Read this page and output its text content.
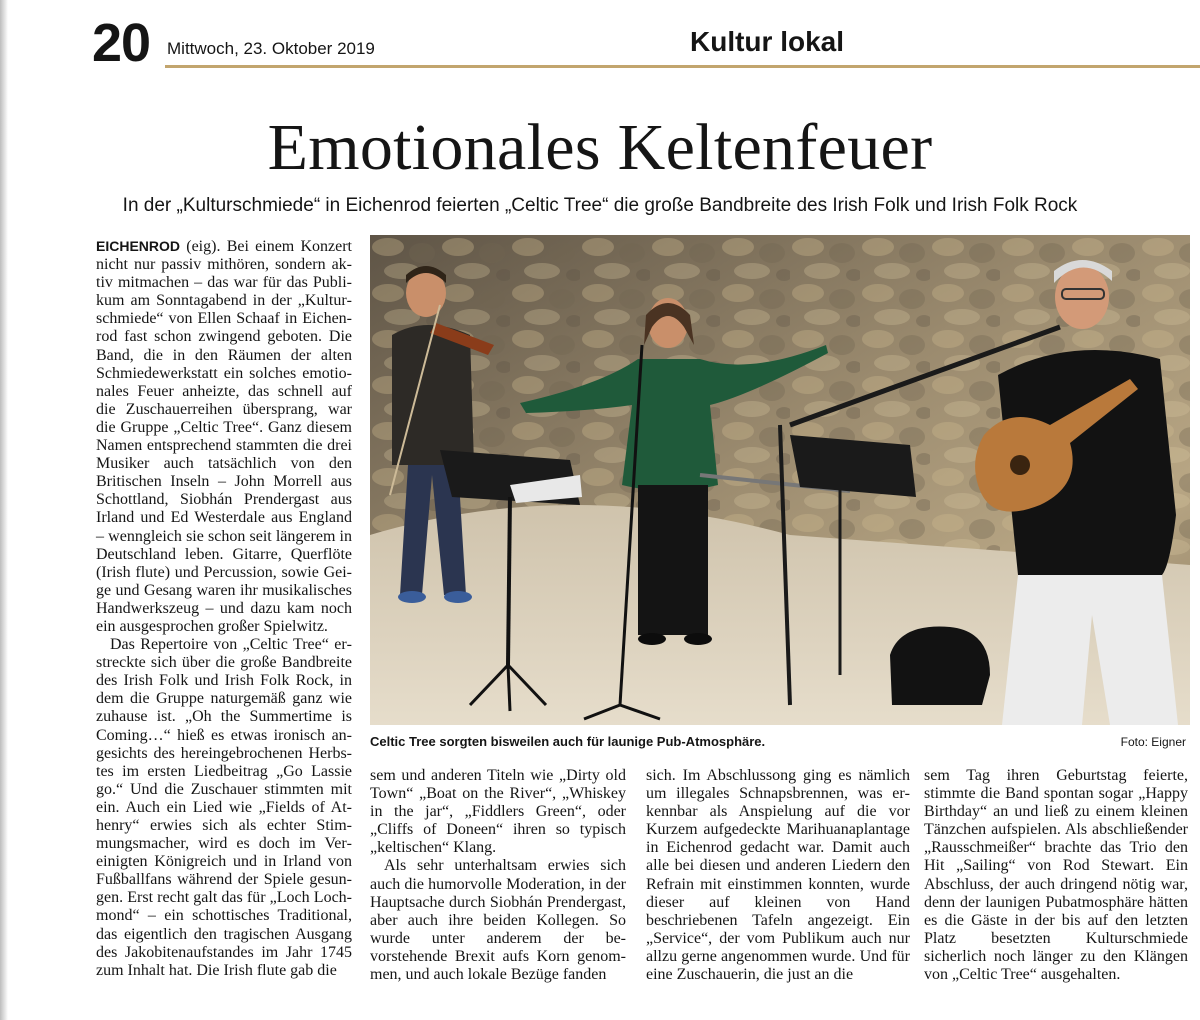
20 Mittwoch, 23. Oktober 2019	Kultur lokal
Emotionales Keltenfeuer
In der „Kulturschmiede“ in Eichenrod feierten „Celtic Tree“ die große Bandbreite des Irish Folk und Irish Folk Rock

EICHENROD (eig). Bei einem Konzert nicht nur passiv mithören, sondern aktiv mitmachen – das war für das Publikum am Sonntagabend in der „Kulturschmiede“ von Ellen Schaaf in Eichenrod fast schon zwingend geboten. Die Band, die in den Räumen der alten Schmiedewerkstatt ein solches emotionales Feuer anheizte, das schnell auf die Zuschauerreihen übersprang, war die Gruppe „Celtic Tree“. Ganz diesem Namen entsprechend stammten die drei Musiker auch tatsächlich von den Britischen Inseln – John Morrell aus Schottland, Siobhán Prendergast aus Irland und Ed Westerdale aus England – wenngleich sie schon seit längerem in Deutschland leben. Gitarre, Querflöte (Irish flute) und Percussion, sowie Geige und Gesang waren ihr musikalisches Handwerkszeug – und dazu kam noch ein ausgesprochen großer Spielwitz.

Das Repertoire von „Celtic Tree“ erstreckte sich über die große Bandbreite des Irish Folk und Irish Folk Rock, in dem die Gruppe naturgemäß ganz wie zuhause ist. „Oh the Summertime is Coming…“ hieß es etwas ironisch angesichts des hereingebrochenen Herbstes im ersten Liedbeitrag „Go Lassie go.“ Und die Zuschauer stimmten mit ein. Auch ein Lied wie „Fields of Athenry“ erwies sich als echter Stimmungsmacher, wird es doch im Vereinigten Königreich und in Irland von Fußballfans während der Spiele gesungen. Erst recht galt das für „Loch Lochmond“ – ein schottisches Traditional, das eigentlich den tragischen Ausgang des Jakobitenaufstandes im Jahr 1745 zum Inhalt hat. Die Irish flute gab die

Celtic Tree sorgten bisweilen auch für launige Pub-Atmosphäre.	Foto: Eigner

sem und anderen Titeln wie „Dirty old Town“ „Boat on the River“, „Whiskey in the jar“, „Fiddlers Green“, oder „Cliffs of Doneen“ ihren so typisch „keltischen“ Klang.

Als sehr unterhaltsam erwies sich auch die humorvolle Moderation, in der Hauptsache durch Siobhán Prendergast, aber auch ihre beiden Kollegen. So wurde unter anderem der bevorstehende Brexit aufs Korn genommen, und auch lokale Bezüge fanden

sich. Im Abschlussong ging es nämlich um illegales Schnapsbrennen, was erkennbar als Anspielung auf die vor Kurzem aufgedeckte Marihuanaplantage in Eichenrod gedacht war. Damit auch alle bei diesen und anderen Liedern den Refrain mit einstimmen konnten, wurde dieser auf kleinen von Hand beschriebenen Tafeln angezeigt. Ein „Service“, der vom Publikum auch nur allzu gerne angenommen wurde. Und für eine Zuschauerin, die just an die

sem Tag ihren Geburtstag feierte, stimmte die Band spontan sogar „Happy Birthday“ an und ließ zu einem kleinen Tänzchen aufspielen. Als abschließender „Rausschmeißer“ brachte das Trio den Hit „Sailing“ von Rod Stewart. Ein Abschluss, der auch dringend nötig war, denn der launigen Pubatmosphäre hätten es die Gäste in der bis auf den letzten Platz besetzten Kulturschmiede sicherlich noch länger zu den Klängen von „Celtic Tree“ ausgehalten.
